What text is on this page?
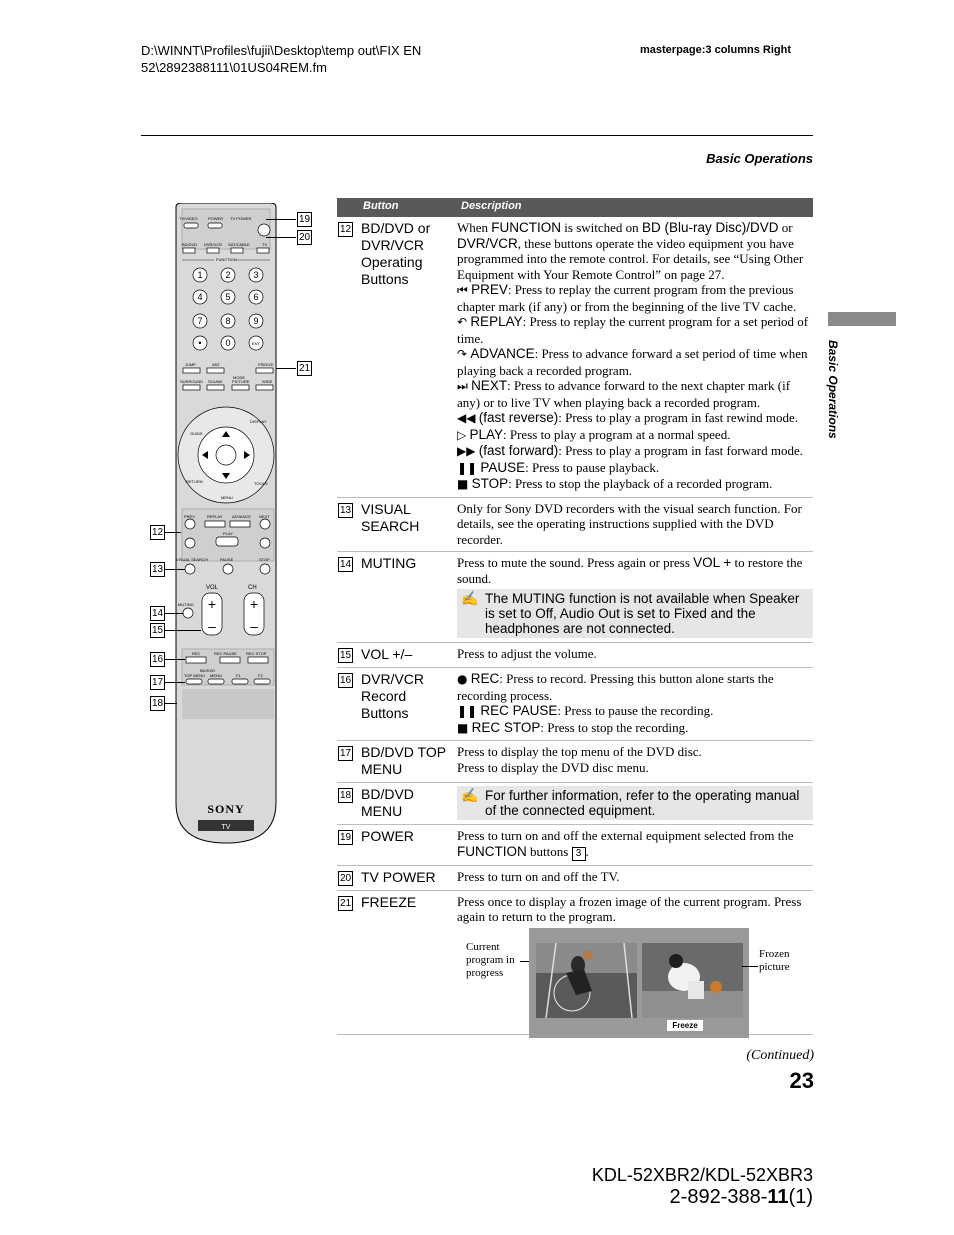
D:\WINNT\Profiles\fujii\Desktop\temp out\FIX EN
52\2892388111\01US04REM.fm
masterpage:3 columns Right
Basic Operations
Basic Operations
TV/VIDEO	POWER TV POWER
BD/DVD DVR/VCR SAT/CABLE	TV
FUNCTION
1	2	3
4	5	6
7	8	9
•	0	ENT
JUMP	ANT	FREEZE
SURROUND SOUND
MODE
PICTURE	WIDE
GUIDE
DISPLAY
RETURN	TOOLS
MENU
PREV	REPLAY ADVANCE NEXT
PLAY
VISUAL SEARCH	PAUSE	STOP
VOL	CH
+
–
+
–
MUTING
REC	REC PAUSE REC STOP
BD/DVD
TOP MENU MENU	F1	F2
SONY
TV
19
20
21
12
13
14
15
16
17
18
Button	Description
12 BD/DVD or DVR/VCR Operating Buttons
When FUNCTION is switched on BD (Blu-ray Disc)/DVD or DVR/VCR, these buttons operate the video equipment you have programmed into the remote control. For details, see “Using Other Equipment with Your Remote Control” on page 27.
⏮ PREV: Press to replay the current program from the previous chapter mark (if any) or from the beginning of the live TV cache.
↶ REPLAY: Press to replay the current program for a set period of time.
↷ ADVANCE: Press to advance forward a set period of time when playing back a recorded program.
⏭ NEXT: Press to advance forward to the next chapter mark (if any) or to live TV when playing back a recorded program.
◀◀ (fast reverse): Press to play a program in fast rewind mode.
▷ PLAY: Press to play a program at a normal speed.
▶▶ (fast forward): Press to play a program in fast forward mode.
❚❚ PAUSE: Press to pause playback.
■ STOP: Press to stop the playback of a recorded program.
13 VISUAL SEARCH
Only for Sony DVD recorders with the visual search function. For details, see the operating instructions supplied with the DVD recorder.
14 MUTING	Press to mute the sound. Press again or press VOL + to restore the sound.
✍ The MUTING function is not available when Speaker is set to Off, Audio Out is set to Fixed and the headphones are not connected.
15 VOL +/–	Press to adjust the volume.
16 DVR/VCR Record Buttons
● REC: Press to record. Pressing this button alone starts the recording process.
❚❚ REC PAUSE: Press to pause the recording.
■ REC STOP: Press to stop the recording.
17 BD/DVD TOP MENU
Press to display the top menu of the DVD disc.
Press to display the DVD disc menu.
18 BD/DVD MENU
✍ For further information, refer to the operating manual of the connected equipment.
19 POWER	Press to turn on and off the external equipment selected from the FUNCTION buttons 3 .
20 TV POWER Press to turn on and off the TV.
21 FREEZE	Press once to display a frozen image of the current program. Press again to return to the program.
Current program in progress
Freeze
Frozen picture
(Continued)
23
KDL-52XBR2/KDL-52XBR3
2-892-388-11(1)
